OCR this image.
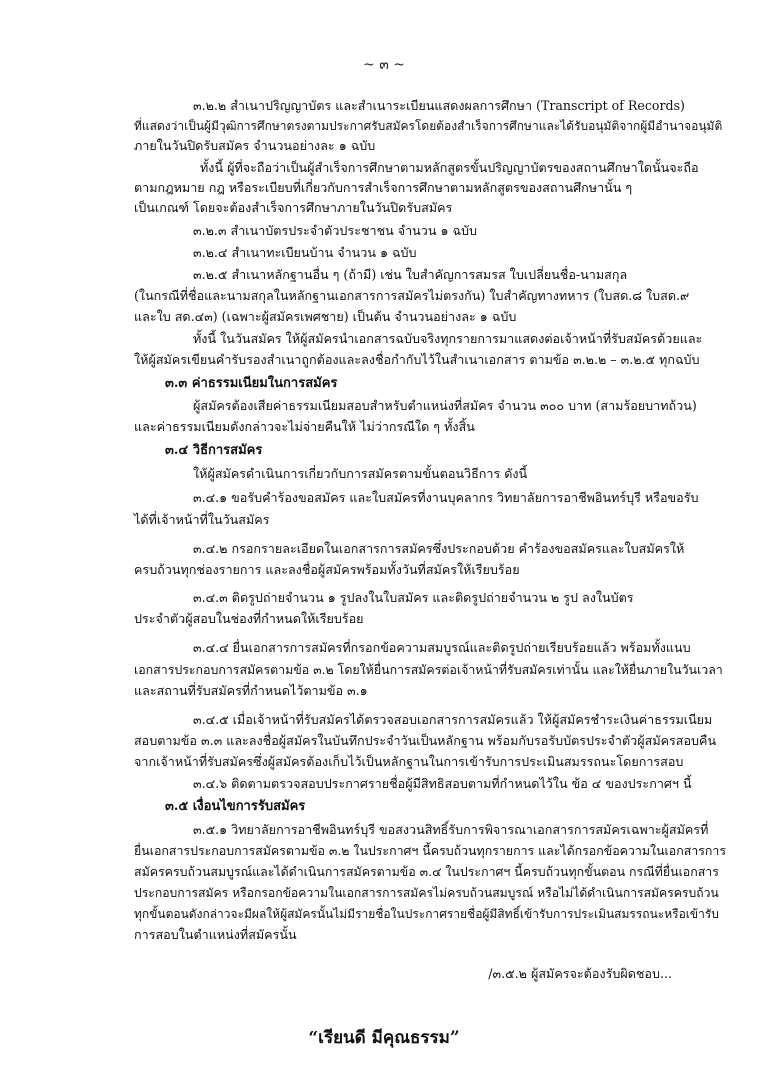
~ ๓ ~
๓.๒.๒ สำเนาปริญญาบัตร และสำเนาระเบียนแสดงผลการศึกษา (Transcript of Records)
ที่แสดงว่าเป็นผู้มีวุฒิการศึกษาตรงตามประกาศรับสมัครโดยต้องสำเร็จการศึกษาและได้รับอนุมัติจากผู้มีอำนาจอนุมัติ
ภายในวันปิดรับสมัคร จำนวนอย่างละ ๑ ฉบับ
ทั้งนี้ ผู้ที่จะถือว่าเป็นผู้สำเร็จการศึกษาตามหลักสูตรขั้นปริญญาบัตรของสถานศึกษาใดนั้นจะถือ
ตามกฎหมาย กฎ หรือระเบียบที่เกี่ยวกับการสำเร็จการศึกษาตามหลักสูตรของสถานศึกษานั้น ๆ
เป็นเกณฑ์ โดยจะต้องสำเร็จการศึกษาภายในวันปิดรับสมัคร
๓.๒.๓ สำเนาบัตรประจำตัวประชาชน จำนวน ๑ ฉบับ
๓.๒.๔ สำเนาทะเบียนบ้าน จำนวน ๑ ฉบับ
๓.๒.๕ สำเนาหลักฐานอื่น ๆ (ถ้ามี) เช่น ใบสำคัญการสมรส ใบเปลี่ยนชื่อ-นามสกุล
(ในกรณีที่ชื่อและนามสกุลในหลักฐานเอกสารการสมัครไม่ตรงกัน) ใบสำคัญทางทหาร (ใบสด.๘ ใบสด.๙
และใบ สด.๔๓) (เฉพาะผู้สมัครเพศชาย) เป็นต้น จำนวนอย่างละ ๑ ฉบับ
ทั้งนี้ ในวันสมัคร ให้ผู้สมัครนำเอกสารฉบับจริงทุกรายการมาแสดงต่อเจ้าหน้าที่รับสมัครด้วยและ
ให้ผู้สมัครเขียนคำรับรองสำเนาถูกต้องและลงชื่อกำกับไว้ในสำเนาเอกสาร ตามข้อ ๓.๒.๒ – ๓.๒.๕ ทุกฉบับ
๓.๓ ค่าธรรมเนียมในการสมัคร
ผู้สมัครต้องเสียค่าธรรมเนียมสอบสำหรับตำแหน่งที่สมัคร จำนวน ๓๐๐ บาท (สามร้อยบาทถ้วน)
และค่าธรรมเนียมดังกล่าวจะไม่จ่ายคืนให้ ไม่ว่ากรณีใด ๆ ทั้งสิ้น
๓.๔ วิธีการสมัคร
ให้ผู้สมัครดำเนินการเกี่ยวกับการสมัครตามขั้นตอนวิธีการ ดังนี้
๓.๔.๑ ขอรับคำร้องขอสมัคร และใบสมัครที่งานบุคลากร วิทยาลัยการอาชีพอินทร์บุรี หรือขอรับ
ได้ที่เจ้าหน้าที่ในวันสมัคร
๓.๔.๒ กรอกรายละเอียดในเอกสารการสมัครซึ่งประกอบด้วย คำร้องขอสมัครและใบสมัครให้
ครบถ้วนทุกช่องรายการ และลงชื่อผู้สมัครพร้อมทั้งวันที่สมัครให้เรียบร้อย
๓.๔.๓ ติดรูปถ่ายจำนวน ๑ รูปลงในใบสมัคร และติดรูปถ่ายจำนวน ๒ รูป ลงในบัตร
ประจำตัวผู้สอบในช่องที่กำหนดให้เรียบร้อย
๓.๔.๔ ยื่นเอกสารการสมัครที่กรอกข้อความสมบูรณ์และติดรูปถ่ายเรียบร้อยแล้ว พร้อมทั้งแนบ
เอกสารประกอบการสมัครตามข้อ ๓.๒ โดยให้ยื่นการสมัครต่อเจ้าหน้าที่รับสมัครเท่านั้น และให้ยื่นภายในวันเวลา
และสถานที่รับสมัครที่กำหนดไว้ตามข้อ ๓.๑
๓.๔.๕ เมื่อเจ้าหน้าที่รับสมัครได้ตรวจสอบเอกสารการสมัครแล้ว ให้ผู้สมัครชำระเงินค่าธรรมเนียม
สอบตามข้อ ๓.๓ และลงชื่อผู้สมัครในบันทึกประจำวันเป็นหลักฐาน พร้อมกับรอรับบัตรประจำตัวผู้สมัครสอบคืน
จากเจ้าหน้าที่รับสมัครซึ่งผู้สมัครต้องเก็บไว้เป็นหลักฐานในการเข้ารับการประเมินสมรรถนะโดยการสอบ
๓.๔.๖ ติดตามตรวจสอบประกาศรายชื่อผู้มีสิทธิสอบตามที่กำหนดไว้ใน ข้อ ๔ ของประกาศฯ นี้
๓.๕ เงื่อนไขการรับสมัคร
๓.๕.๑ วิทยาลัยการอาชีพอินทร์บุรี ขอสงวนสิทธิ์รับการพิจารณาเอกสารการสมัครเฉพาะผู้สมัครที่
ยื่นเอกสารประกอบการสมัครตามข้อ ๓.๒ ในประกาศฯ นี้ครบถ้วนทุกรายการ และได้กรอกข้อความในเอกสารการ
สมัครครบถ้วนสมบูรณ์และได้ดำเนินการสมัครตามข้อ ๓.๔ ในประกาศฯ นี้ครบถ้วนทุกขั้นตอน กรณีที่ยื่นเอกสาร
ประกอบการสมัคร หรือกรอกข้อความในเอกสารการสมัครไม่ครบถ้วนสมบูรณ์ หรือไม่ได้ดำเนินการสมัครครบถ้วน
ทุกขั้นตอนดังกล่าวจะมีผลให้ผู้สมัครนั้นไม่มีรายชื่อในประกาศรายชื่อผู้มีสิทธิ์เข้ารับการประเมินสมรรถนะหรือเข้ารับ
การสอบในตำแหน่งที่สมัครนั้น
/๓.๕.๒ ผู้สมัครจะต้องรับผิดชอบ...
“เรียนดี มีคุณธรรม”
